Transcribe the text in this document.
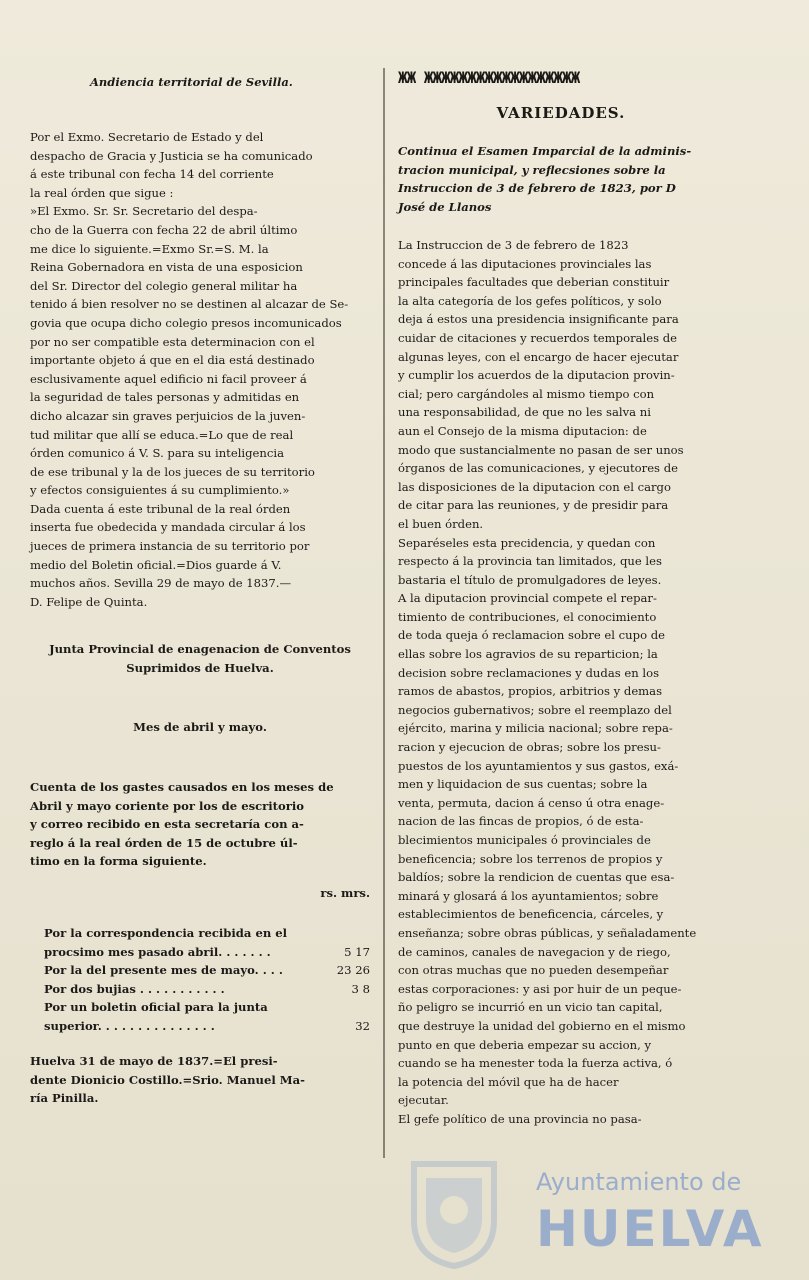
Andiencia territorial de Sevilla.

Por el Exmo. Secretario de Estado y del

despacho de Gracia y Justicia se ha comunicado

á este tribunal con fecha 14 del corriente

la real órden que sigue :

»El Exmo. Sr. Sr. Secretario del despa-

cho de la Guerra con fecha 22 de abril último

me dice lo siguiente.=Exmo Sr.=S. M. la

Reina Gobernadora en vista de una esposicion

del Sr. Director del colegio general militar ha

tenido á bien resolver no se destinen al alcazar de Se-

govia que ocupa dicho colegio presos incomunicados

por no ser compatible esta determinacion con el

importante objeto á que en el dia está destinado

esclusivamente aquel edificio ni facil proveer á

la seguridad de tales personas y admitidas en

dicho alcazar sin graves perjuicios de la juven-

tud militar que allí se educa.=Lo que de real

órden comunico á V. S. para su inteligencia

de ese tribunal y la de los jueces de su territorio

y efectos consiguientes á su cumplimiento.»

Dada cuenta á este tribunal de la real órden

inserta fue obedecida y mandada circular á los

jueces de primera instancia de su territorio por

medio del Boletin oficial.=Dios guarde á V.

muchos años. Sevilla 29 de mayo de 1837.—

D. Felipe de Quinta.

Junta Provincial de enagenacion de Conventos

Suprimidos de Huelva.

Mes de abril y mayo.

Cuenta de los gastes causados en los meses de

Abril y mayo coriente por los de escritorio

y correo recibido en esta secretaría con a-

reglo á la real órden de 15 de octubre úl-

timo en la forma siguiente.

rs. mrs.

Por la correspondencia recibida en el
procsimo mes pasado abril. . . . . . .	5 17
Por la del presente mes de mayo. . . .	23 26
Por dos bujias . . . . . . . . . . .	3 8
Por un boletin oficial para la junta
superior. . . . . . . . . . . . . . .	32

Huelva 31 de mayo de 1837.=El presi-

dente Dionicio Costillo.=Srio. Manuel Ma-

ría Pinilla.

ЖЖ ЖЖЖЖЖЖЖЖЖЖЖЖЖЖЖЖЖЖ
VARIEDADES.

Continua el Esamen Imparcial de la adminis-

tracion municipal, y reflecsiones sobre la

Instruccion de 3 de febrero de 1823, por D

José de Llanos

La Instruccion de 3 de febrero de 1823

concede á las diputaciones provinciales las

principales facultades que deberian constituir

la alta categoría de los gefes políticos, y solo

deja á estos una presidencia insignificante para

cuidar de citaciones y recuerdos temporales de

algunas leyes, con el encargo de hacer ejecutar

y cumplir los acuerdos de la diputacion provin-

cial; pero cargándoles al mismo tiempo con

una responsabilidad, de que no les salva ni

aun el Consejo de la misma diputacion: de

modo que sustancialmente no pasan de ser unos

órganos de las comunicaciones, y ejecutores de

las disposiciones de la diputacion con el cargo

de citar para las reuniones, y de presidir para

el buen órden.

Separéseles esta precidencia, y quedan con

respecto á la provincia tan limitados, que les

bastaria el título de promulgadores de leyes.

A la diputacion provincial compete el repar-

timiento de contribuciones, el conocimiento

de toda queja ó reclamacion sobre el cupo de

ellas sobre los agravios de su reparticion; la

decision sobre reclamaciones y dudas en los

ramos de abastos, propios, arbitrios y demas

negocios gubernativos; sobre el reemplazo del

ejército, marina y milicia nacional; sobre repa-

racion y ejecucion de obras; sobre los presu-

puestos de los ayuntamientos y sus gastos, exá-

men y liquidacion de sus cuentas; sobre la

venta, permuta, dacion á censo ú otra enage-

nacion de las fincas de propios, ó de esta-

blecimientos municipales ó provinciales de

beneficencia; sobre los terrenos de propios y

baldíos; sobre la rendicion de cuentas que esa-

minará y glosará á los ayuntamientos; sobre

establecimientos de beneficencia, cárceles, y

enseñanza; sobre obras públicas, y señaladamente

de caminos, canales de navegacion y de riego,

con otras muchas que no pueden desempeñar

estas corporaciones: y asi por huir de un peque-

ño peligro se incurrió en un vicio tan capital,

que destruye la unidad del gobierno en el mismo

punto en que deberia empezar su accion, y

cuando se ha menester toda la fuerza activa, ó

la potencia del móvil que ha de hacer

ejecutar.

El gefe político de una provincia no pasa-

Ayuntamiento de
HUELVA
